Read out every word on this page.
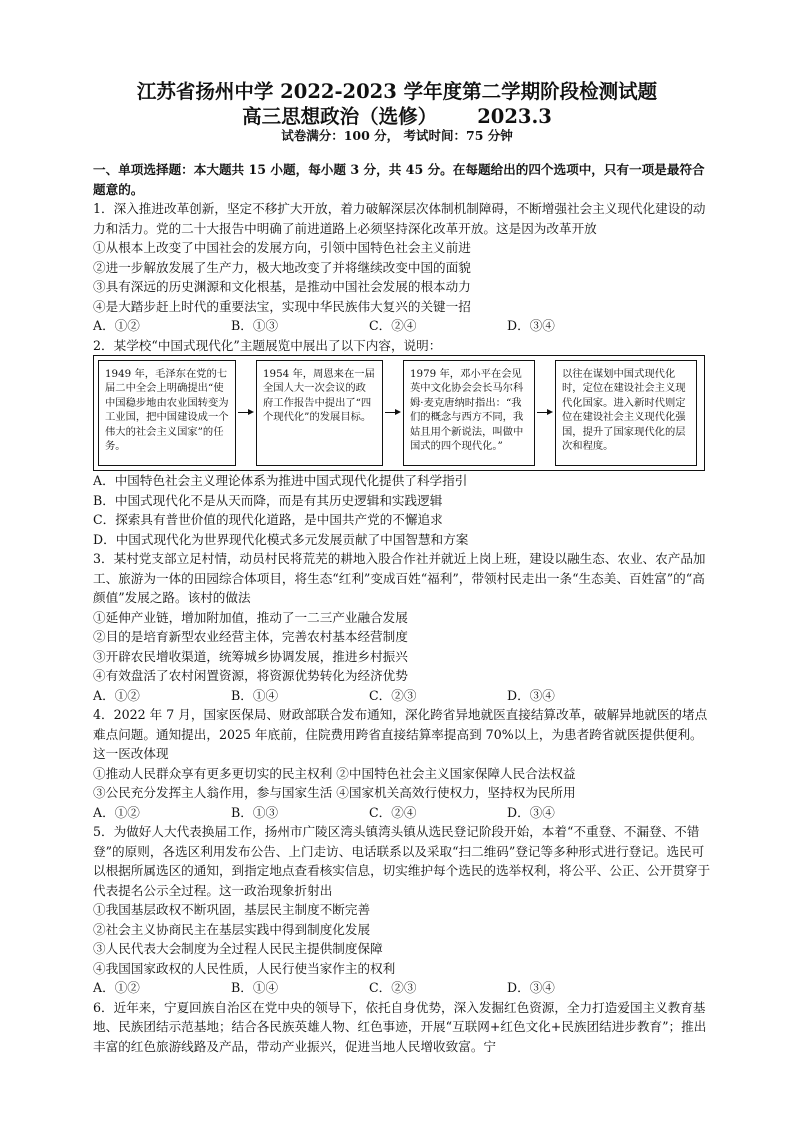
江苏省扬州中学 2022-2023 学年度第二学期阶段检测试题
高三思想政治（选修） 2023.3
试卷满分：100 分， 考试时间：75 分钟

一、单项选择题：本大题共 15 小题，每小题 3 分，共 45 分。在每题给出的四个选项中，只有一项是最符合题意的。

1．深入推进改革创新，坚定不移扩大开放，着力破解深层次体制机制障碍，不断增强社会主义现代化建设的动力和活力。党的二十大报告中明确了前进道路上必须坚持深化改革开放。这是因为改革开放

①从根本上改变了中国社会的发展方向，引领中国特色社会主义前进

②进一步解放发展了生产力，极大地改变了并将继续改变中国的面貌

③具有深远的历史渊源和文化根基，是推动中国社会发展的根本动力

④是大踏步赶上时代的重要法宝，实现中华民族伟大复兴的关键一招

A．①②	B．①③	C．②④	D．③④

2．某学校“中国式现代化”主题展览中展出了以下内容，说明：

1949 年，毛泽东在党的七届二中全会上明确提出“使中国稳步地由农业国转变为工业国，把中国建设成一个伟大的社会主义国家”的任务。
1954 年，周恩来在一届全国人大一次会议的政府工作报告中提出了“四个现代化”的发展目标。
1979 年，邓小平在会见英中文化协会会长马尔科姆·麦克唐纳时指出：“我们的概念与西方不同，我姑且用个新说法，叫做中国式的四个现代化。”
以往在谋划中国式现代化时，定位在建设社会主义现代化国家。进入新时代则定位在建设社会主义现代化强国，提升了国家现代化的层次和程度。

A．中国特色社会主义理论体系为推进中国式现代化提供了科学指引

B．中国式现代化不是从天而降，而是有其历史逻辑和实践逻辑

C．探索具有普世价值的现代化道路，是中国共产党的不懈追求

D．中国式现代化为世界现代化模式多元发展贡献了中国智慧和方案

3．某村党支部立足村情，动员村民将荒芜的耕地入股合作社并就近上岗上班，建设以融生态、农业、农产品加工、旅游为一体的田园综合体项目，将生态“红利”变成百姓“福利”，带领村民走出一条“生态美、百姓富”的“高颜值”发展之路。该村的做法

①延伸产业链，增加附加值，推动了一二三产业融合发展

②目的是培育新型农业经营主体，完善农村基本经营制度

③开辟农民增收渠道，统筹城乡协调发展，推进乡村振兴

④有效盘活了农村闲置资源，将资源优势转化为经济优势

A．①②	B．①④	C．②③	D．③④

4．2022 年 7 月，国家医保局、财政部联合发布通知，深化跨省异地就医直接结算改革，破解异地就医的堵点难点问题。通知提出，2025 年底前，住院费用跨省直接结算率提高到 70%以上，为患者跨省就医提供便利。这一医改体现

①推动人民群众享有更多更切实的民主权利 ②中国特色社会主义国家保障人民合法权益

③公民充分发挥主人翁作用，参与国家生活 ④国家机关高效行使权力，坚持权为民所用

A．①②	B．①③	C．②④	D．③④

5．为做好人大代表换届工作，扬州市广陵区湾头镇湾头镇从选民登记阶段开始，本着“不重登、不漏登、不错登”的原则，各选区利用发布公告、上门走访、电话联系以及采取“扫二维码”登记等多种形式进行登记。选民可以根据所属选区的通知，到指定地点查看核实信息，切实维护每个选民的选举权利，将公平、公正、公开贯穿于代表提名公示全过程。这一政治现象折射出

①我国基层政权不断巩固，基层民主制度不断完善

②社会主义协商民主在基层实践中得到制度化发展

③人民代表大会制度为全过程人民民主提供制度保障

④我国国家政权的人民性质，人民行使当家作主的权利

A．①②	B．①④	C．②③	D．③④

6．近年来，宁夏回族自治区在党中央的领导下，依托自身优势，深入发掘红色资源，全力打造爱国主义教育基地、民族团结示范基地；结合各民族英雄人物、红色事迹，开展“互联网+红色文化+民族团结进步教育”；推出丰富的红色旅游线路及产品，带动产业振兴，促进当地人民增收致富。宁
